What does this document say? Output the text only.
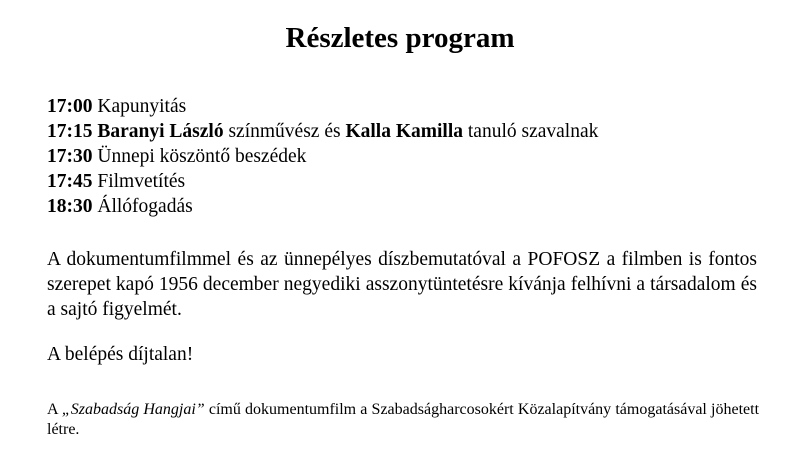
Részletes program
17:00 Kapunyitás
17:15 Baranyi László színművész és Kalla Kamilla tanuló szavalnak
17:30 Ünnepi köszöntő beszédek
17:45 Filmvetítés
18:30 Állófogadás
A dokumentumfilmmel és az ünnepélyes díszbemutatóval a POFOSZ a filmben is fontos szerepet kapó 1956 december negyediki asszonytüntetésre kívánja felhívni a társadalom és a sajtó figyelmét.
A belépés díjtalan!
A „Szabadság Hangjai” című dokumentumfilm a Szabadságharcosokért Közalapítvány támogatásával jöhetett létre.
